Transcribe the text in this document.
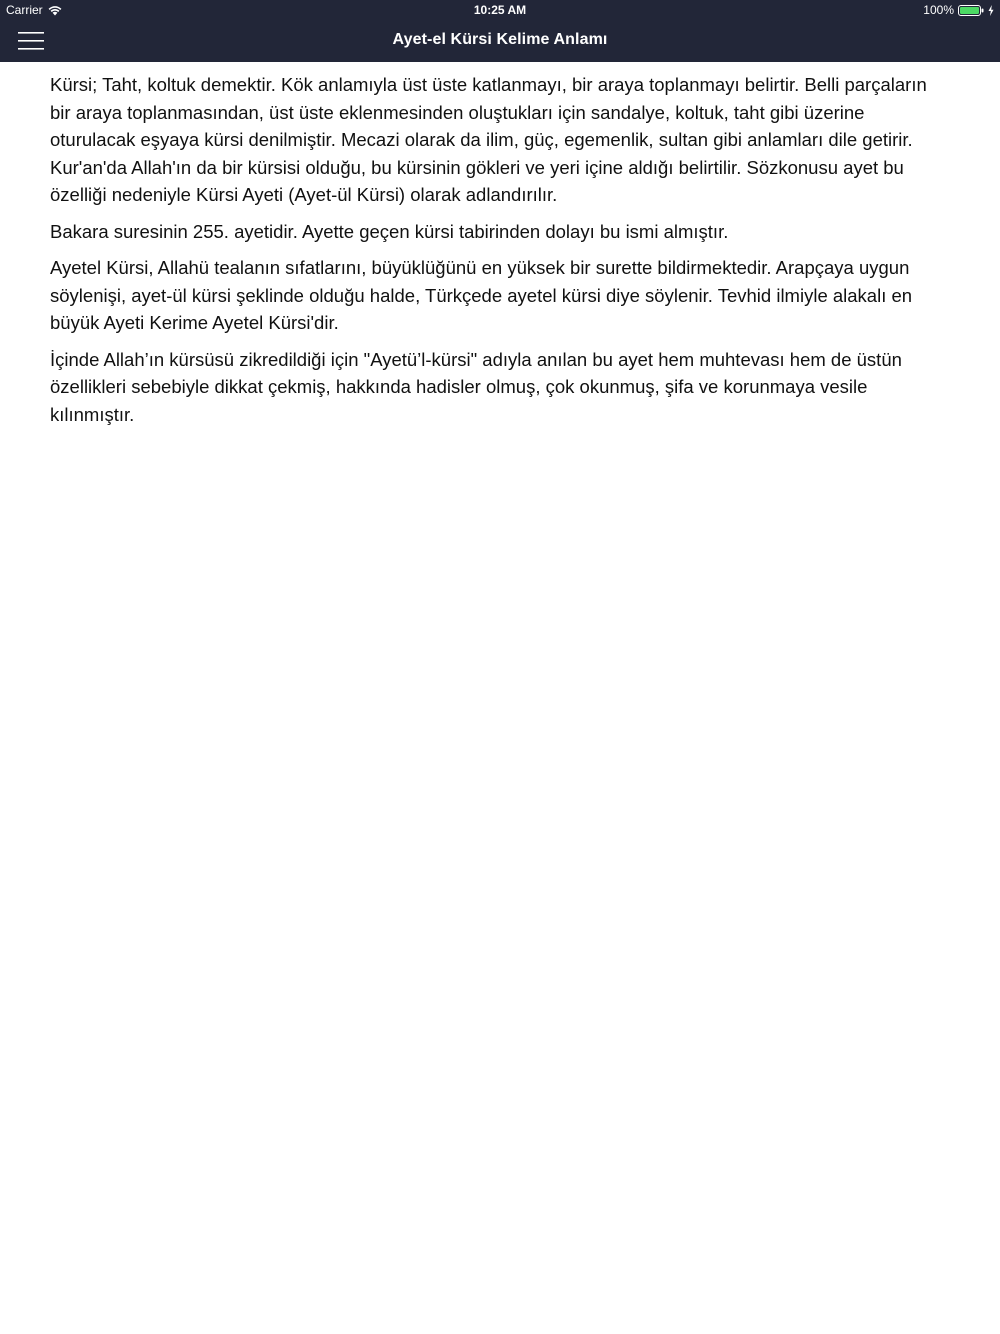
Carrier	10:25 AM	100%
Ayet-el Kürsi Kelime Anlamı

Kürsi; Taht, koltuk demektir. Kök anlamıyla üst üste katlanmayı, bir araya toplanmayı belirtir. Belli parçaların bir araya toplanmasından, üst üste eklenmesinden oluştukları için sandalye, koltuk, taht gibi üzerine oturulacak eşyaya kürsi denilmiştir. Mecazi olarak da ilim, güç, egemenlik, sultan gibi anlamları dile getirir. Kur'an'da Allah'ın da bir kürsisi olduğu, bu kürsinin gökleri ve yeri içine aldığı belirtilir. Sözkonusu ayet bu özelliği nedeniyle Kürsi Ayeti (Ayet-ül Kürsi) olarak adlandırılır.

Bakara suresinin 255. ayetidir. Ayette geçen kürsi tabirinden dolayı bu ismi almıştır.

Ayetel Kürsi, Allahü tealanın sıfatlarını, büyüklüğünü en yüksek bir surette bildirmektedir. Arapçaya uygun söylenişi, ayet-ül kürsi şeklinde olduğu halde, Türkçede ayetel kürsi diye söylenir. Tevhid ilmiyle alakalı en büyük Ayeti Kerime Ayetel Kürsi'dir.

İçinde Allah’ın kürsüsü zikredildiği için "Ayetü’l-kürsi" adıyla anılan bu ayet hem muhtevası hem de üstün özellikleri sebebiyle dikkat çekmiş, hakkında hadisler olmuş, çok okunmuş, şifa ve korunmaya vesile kılınmıştır.
